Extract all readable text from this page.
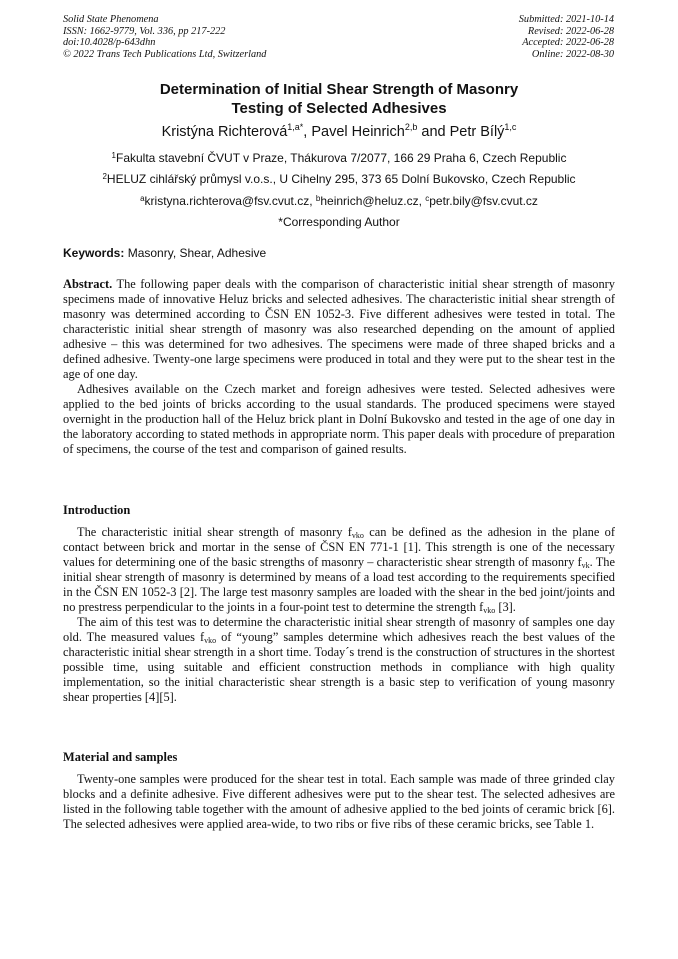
Solid State Phenomena
ISSN: 1662-9779, Vol. 336, pp 217-222
doi:10.4028/p-643dhn
© 2022 Trans Tech Publications Ltd, Switzerland
Submitted: 2021-10-14
Revised: 2022-06-28
Accepted: 2022-06-28
Online: 2022-08-30
Determination of Initial Shear Strength of Masonry
Testing of Selected Adhesives
Kristýna Richterová$^{1,a*}$, Pavel Heinrich$^{2,b}$ and Petr Bílý$^{1,c}$
$^1$Fakulta stavební ČVUT v Praze, Thákurova 7/2077, 166 29 Praha 6, Czech Republic
$^2$HELUZ cihlářský průmysl v.o.s., U Cihelny 295, 373 65 Dolní Bukovsko, Czech Republic
$^a$kristyna.richterova@fsv.cvut.cz, $^b$heinrich@heluz.cz, $^c$petr.bily@fsv.cvut.cz
*Corresponding Author
Keywords: Masonry, Shear, Adhesive

Abstract. The following paper deals with the comparison of characteristic initial shear strength of masonry specimens made of innovative Heluz bricks and selected adhesives. The characteristic initial shear strength of masonry was determined according to ČSN EN 1052-3. Five different adhesives were tested in total. The characteristic initial shear strength of masonry was also researched depending on the amount of applied adhesive – this was determined for two adhesives. The specimens were made of three shaped bricks and a defined adhesive. Twenty-one large specimens were produced in total and they were put to the shear test in the age of one day.

Adhesives available on the Czech market and foreign adhesives were tested. Selected adhesives were applied to the bed joints of bricks according to the usual standards. The produced specimens were stayed overnight in the production hall of the Heluz brick plant in Dolní Bukovsko and tested in the age of one day in the laboratory according to stated methods in appropriate norm. This paper deals with procedure of preparation of specimens, the course of the test and comparison of gained results.

Introduction

The characteristic initial shear strength of masonry $f_{vko}$ can be defined as the adhesion in the plane of contact between brick and mortar in the sense of ČSN EN 771-1 [1]. This strength is one of the necessary values for determining one of the basic strengths of masonry – characteristic shear strength of masonry $f_{vk}$. The initial shear strength of masonry is determined by means of a load test according to the requirements specified in the ČSN EN 1052-3 [2]. The large test masonry samples are loaded with the shear in the bed joint/joints and no prestress perpendicular to the joints in a four-point test to determine the strength $f_{vko}$ [3].

The aim of this test was to determine the characteristic initial shear strength of masonry of samples one day old. The measured values $f_{vko}$ of “young” samples determine which adhesives reach the best values of the characteristic initial shear strength in a short time. Today´s trend is the construction of structures in the shortest possible time, using suitable and efficient construction methods in compliance with high quality implementation, so the initial characteristic shear strength is a basic step to verification of young masonry shear properties [4][5].

Material and samples

Twenty-one samples were produced for the shear test in total. Each sample was made of three grinded clay blocks and a definite adhesive. Five different adhesives were put to the shear test. The selected adhesives are listed in the following table together with the amount of adhesive applied to the bed joints of ceramic brick [6]. The selected adhesives were applied area-wide, to two ribs or five ribs of these ceramic bricks, see Table 1.
